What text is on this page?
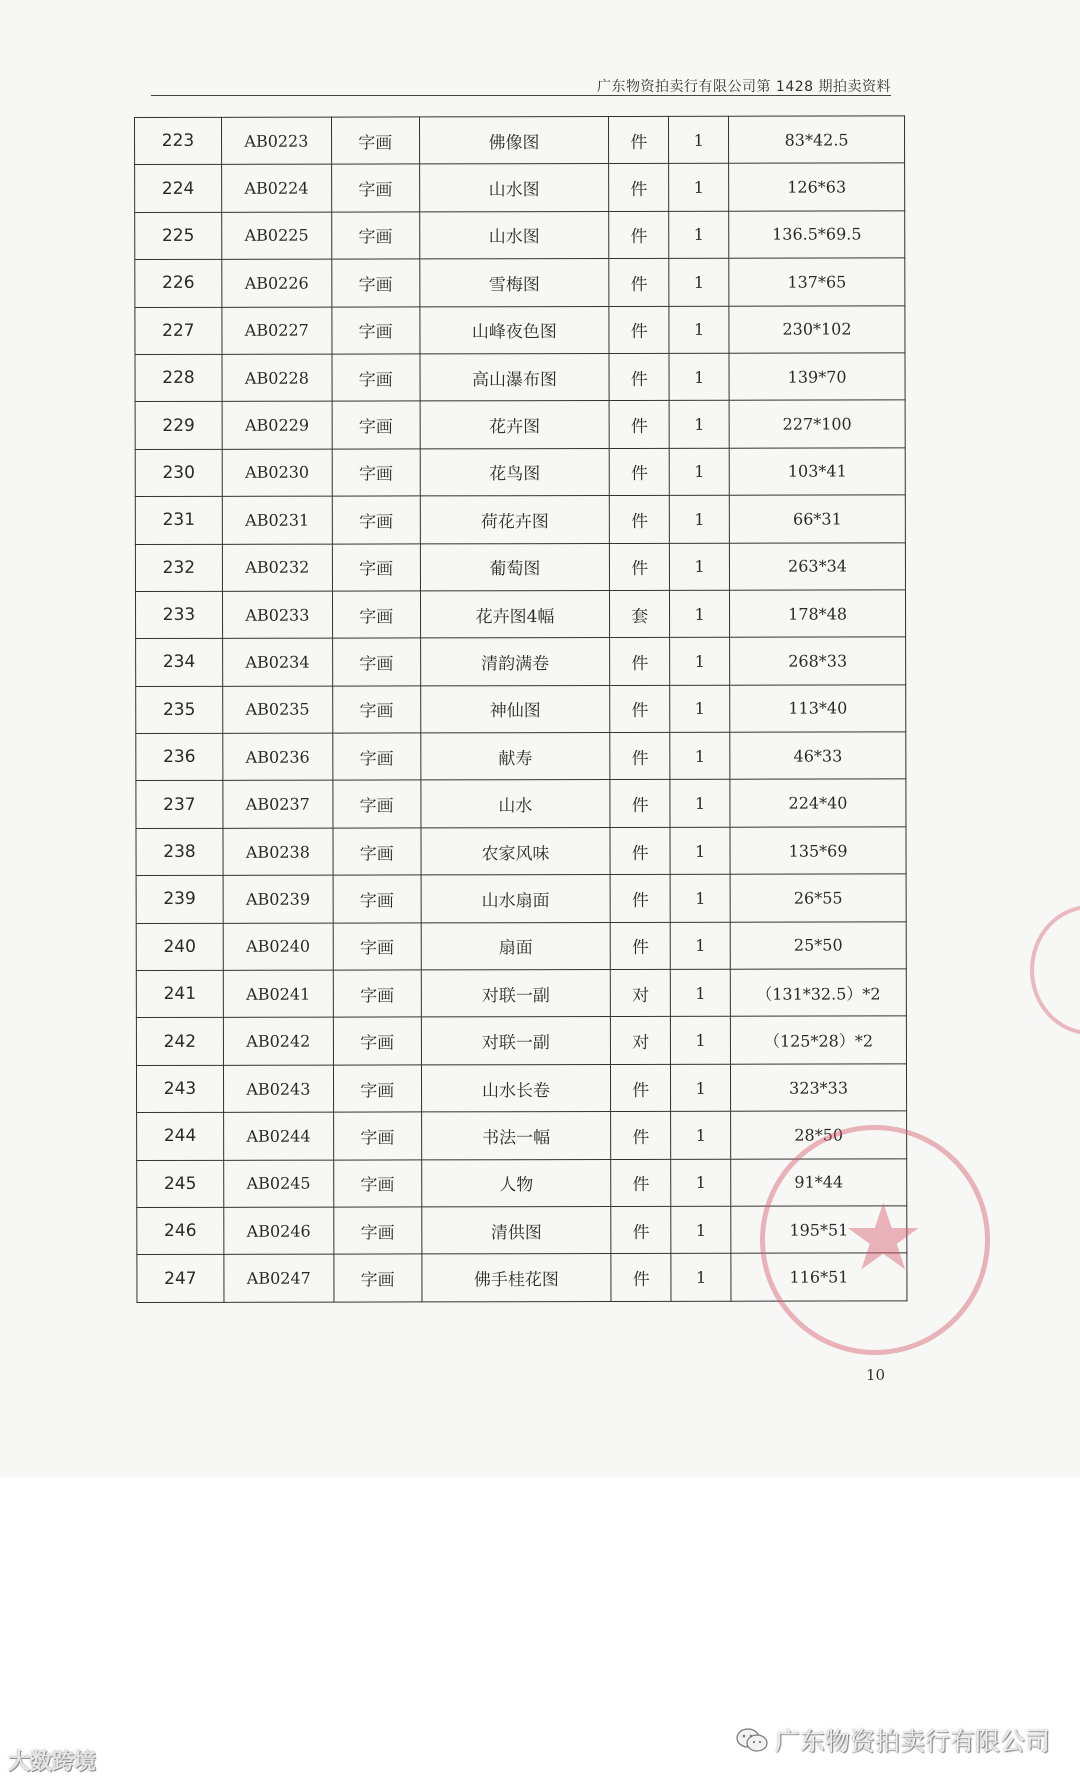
广东物资拍卖行有限公司第 1428 期拍卖资料
223	AB0223	字画	佛像图	件	1	83*42.5
224	AB0224	字画	山水图	件	1	126*63
225	AB0225	字画	山水图	件	1	136.5*69.5
226	AB0226	字画	雪梅图	件	1	137*65
227	AB0227	字画	山峰夜色图	件	1	230*102
228	AB0228	字画	高山瀑布图	件	1	139*70
229	AB0229	字画	花卉图	件	1	227*100
230	AB0230	字画	花鸟图	件	1	103*41
231	AB0231	字画	荷花卉图	件	1	66*31
232	AB0232	字画	葡萄图	件	1	263*34
233	AB0233	字画	花卉图4幅	套	1	178*48
234	AB0234	字画	清韵满卷	件	1	268*33
235	AB0235	字画	神仙图	件	1	113*40
236	AB0236	字画	献寿	件	1	46*33
237	AB0237	字画	山水	件	1	224*40
238	AB0238	字画	农家风味	件	1	135*69
239	AB0239	字画	山水扇面	件	1	26*55
240	AB0240	字画	扇面	件	1	25*50
241	AB0241	字画	对联一副	对	1	（131*32.5）*2
242	AB0242	字画	对联一副	对	1	（125*28）*2
243	AB0243	字画	山水长卷	件	1	323*33
244	AB0244	字画	书法一幅	件	1	28*50
245	AB0245	字画	人物	件	1	91*44
246	AB0246	字画	清供图	件	1	195*51
247	AB0247	字画	佛手桂花图	件	1	116*51
★
10
大数跨境
广东物资拍卖行有限公司
